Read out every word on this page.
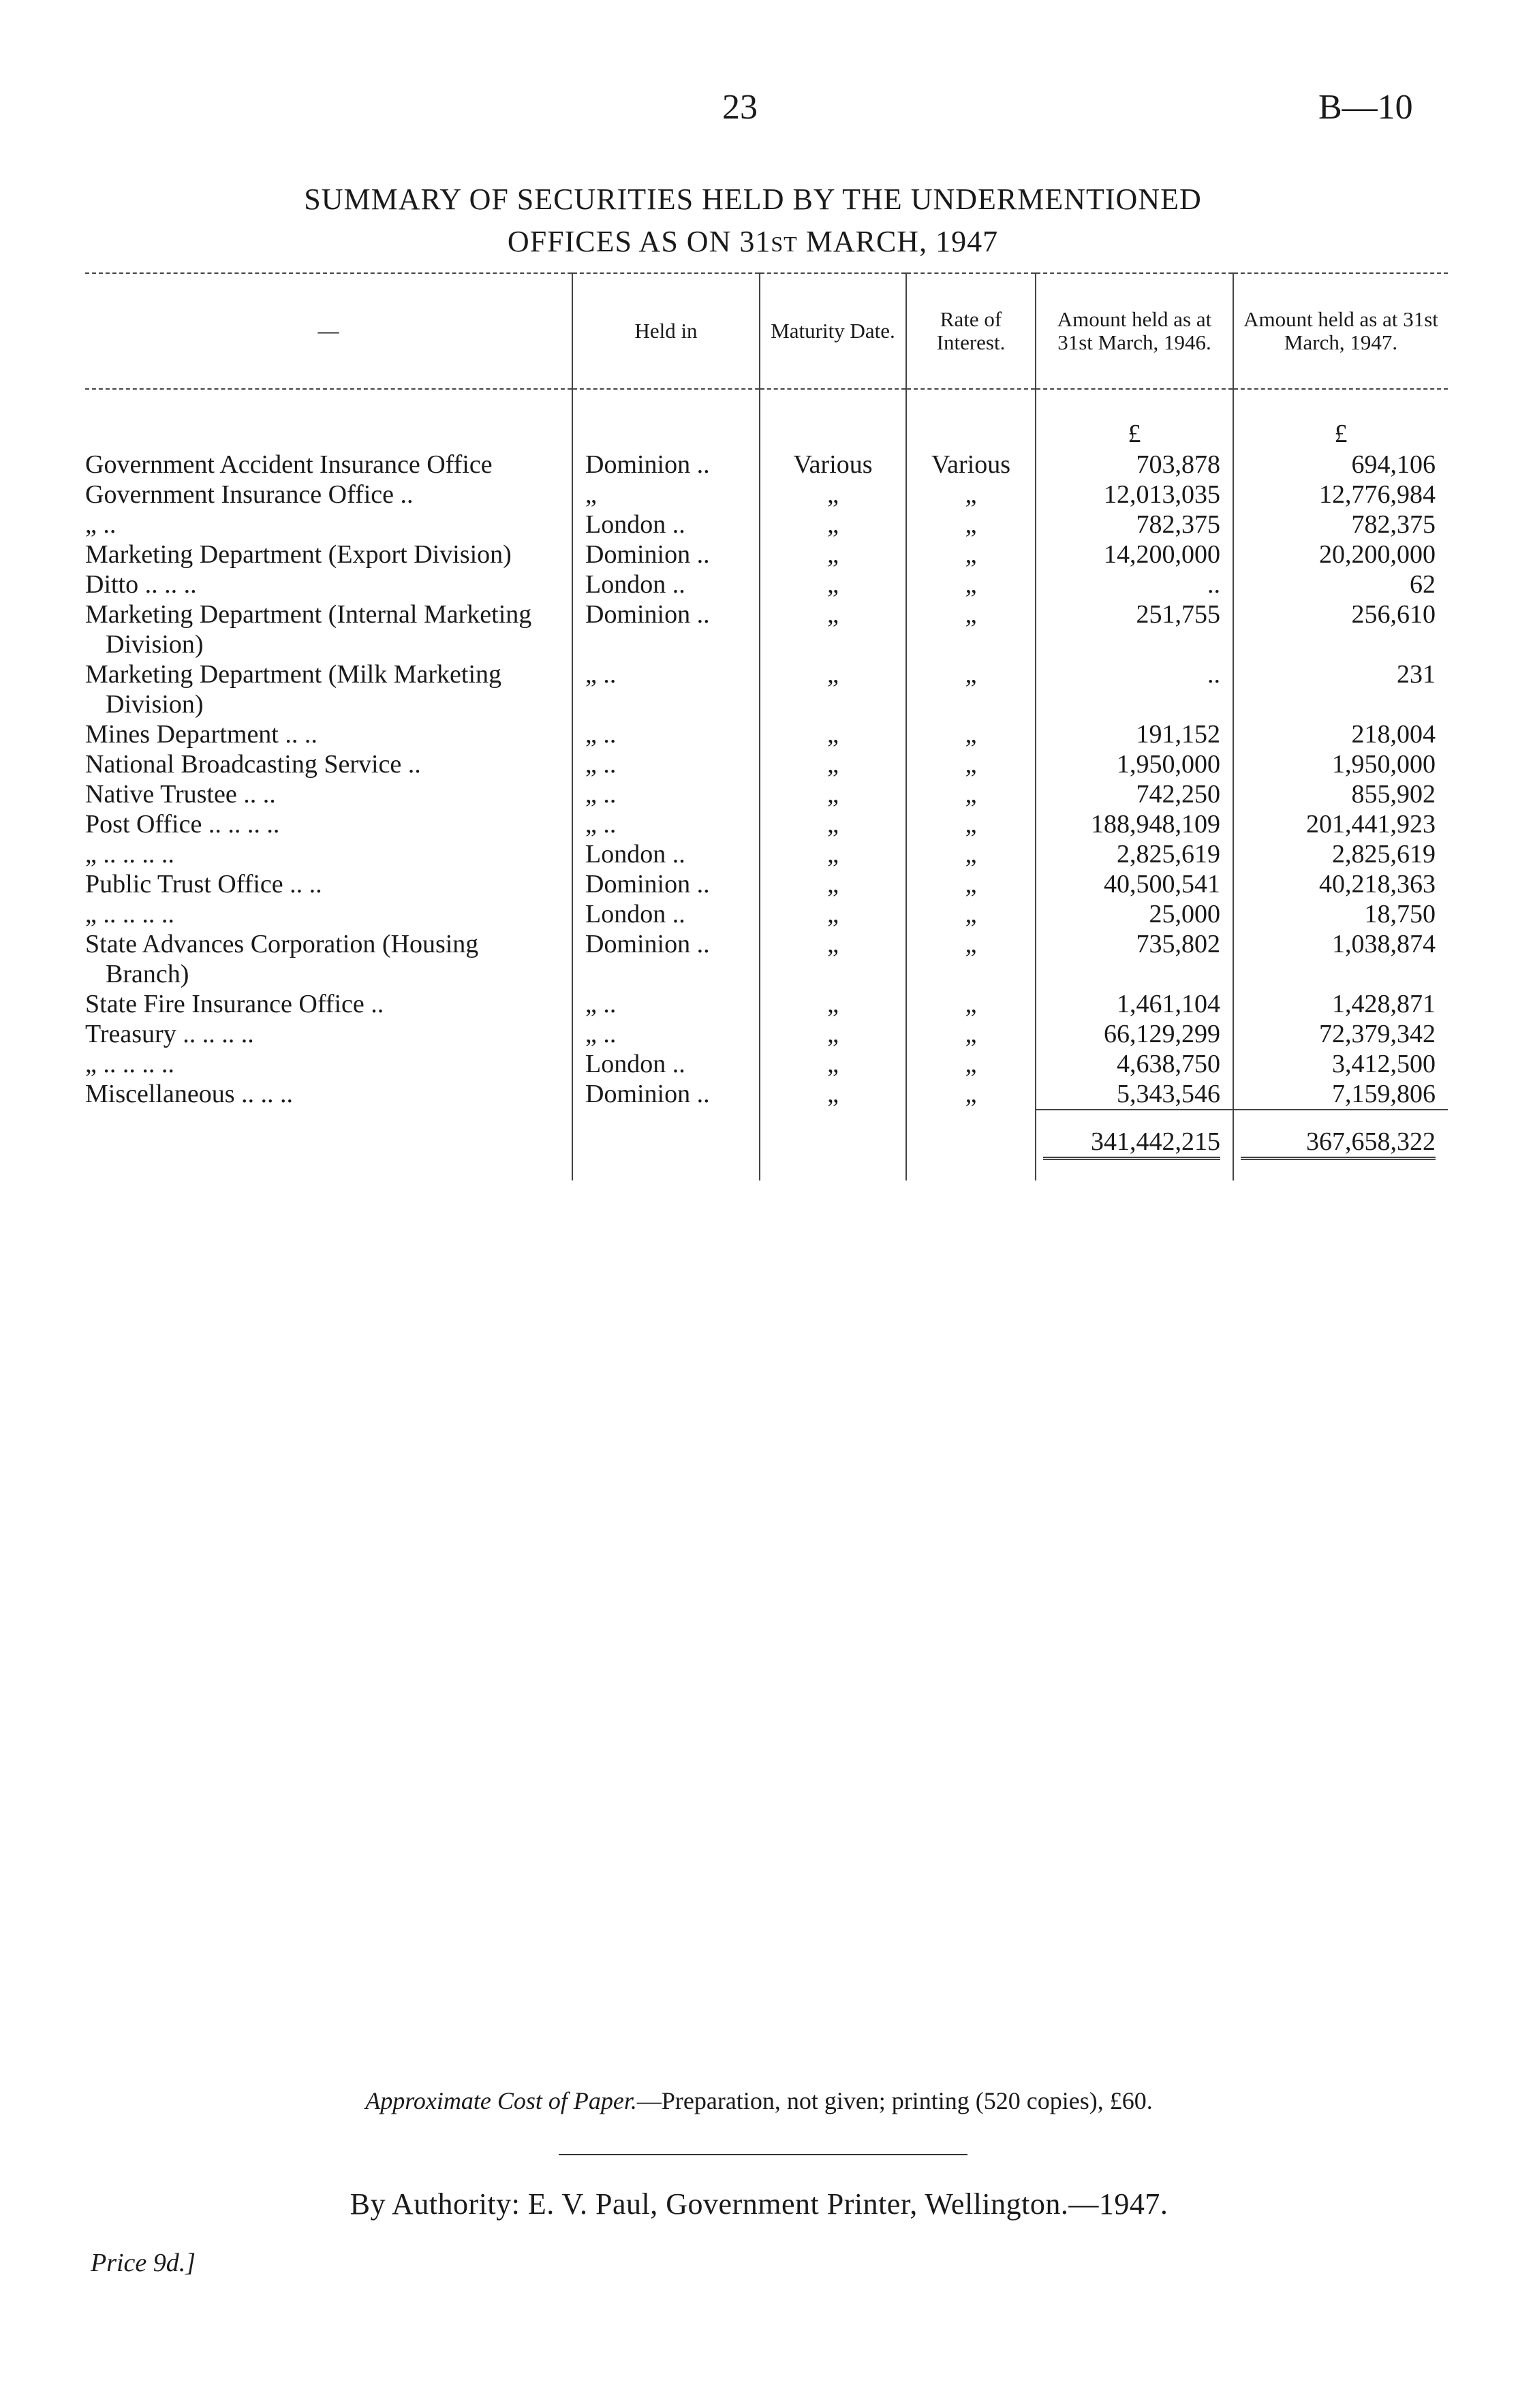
23	B—10
SUMMARY OF SECURITIES HELD BY THE UNDERMENTIONED
OFFICES AS ON 31ST MARCH, 1947
—	Held in	Maturity Date.	Rate of Interest.	Amount held as at 31st March, 1946.	Amount held as at 31st March, 1947.

				£	£

Government Accident Insurance Office	Dominion ..	Various	Various	703,878	694,106

Government Insurance Office ..	„	„	„	12,013,035	12,776,984

„ ..	London ..	„	„	782,375	782,375

Marketing Department (Export Division)	Dominion ..	„	„	14,200,000	20,200,000

Ditto .. .. ..	London ..	„	„	..	62

Marketing Department (Internal Marketing Division)	Dominion ..	„	„	251,755	256,610

Marketing Department (Milk Marketing Division)	„ ..	„	„	..	231

Mines Department .. ..	„ ..	„	„	191,152	218,004

National Broadcasting Service ..	„ ..	„	„	1,950,000	1,950,000

Native Trustee .. ..	„ ..	„	„	742,250	855,902

Post Office .. .. .. ..	„ ..	„	„	188,948,109	201,441,923

„ .. .. .. ..	London ..	„	„	2,825,619	2,825,619

Public Trust Office .. ..	Dominion ..	„	„	40,500,541	40,218,363

„ .. .. .. ..	London ..	„	„	25,000	18,750

State Advances Corporation (Housing Branch)	Dominion ..	„	„	735,802	1,038,874

State Fire Insurance Office ..	„ ..	„	„	1,461,104	1,428,871

Treasury .. .. .. ..	„ ..	„	„	66,129,299	72,379,342

„ .. .. .. ..	London ..	„	„	4,638,750	3,412,500

Miscellaneous .. .. ..	Dominion ..	„	„	5,343,546	7,159,806

				341,442,215	367,658,322
Approximate Cost of Paper.—Preparation, not given; printing (520 copies), £60.
By Authority: E. V. Paul, Government Printer, Wellington.—1947.
Price 9d.]
